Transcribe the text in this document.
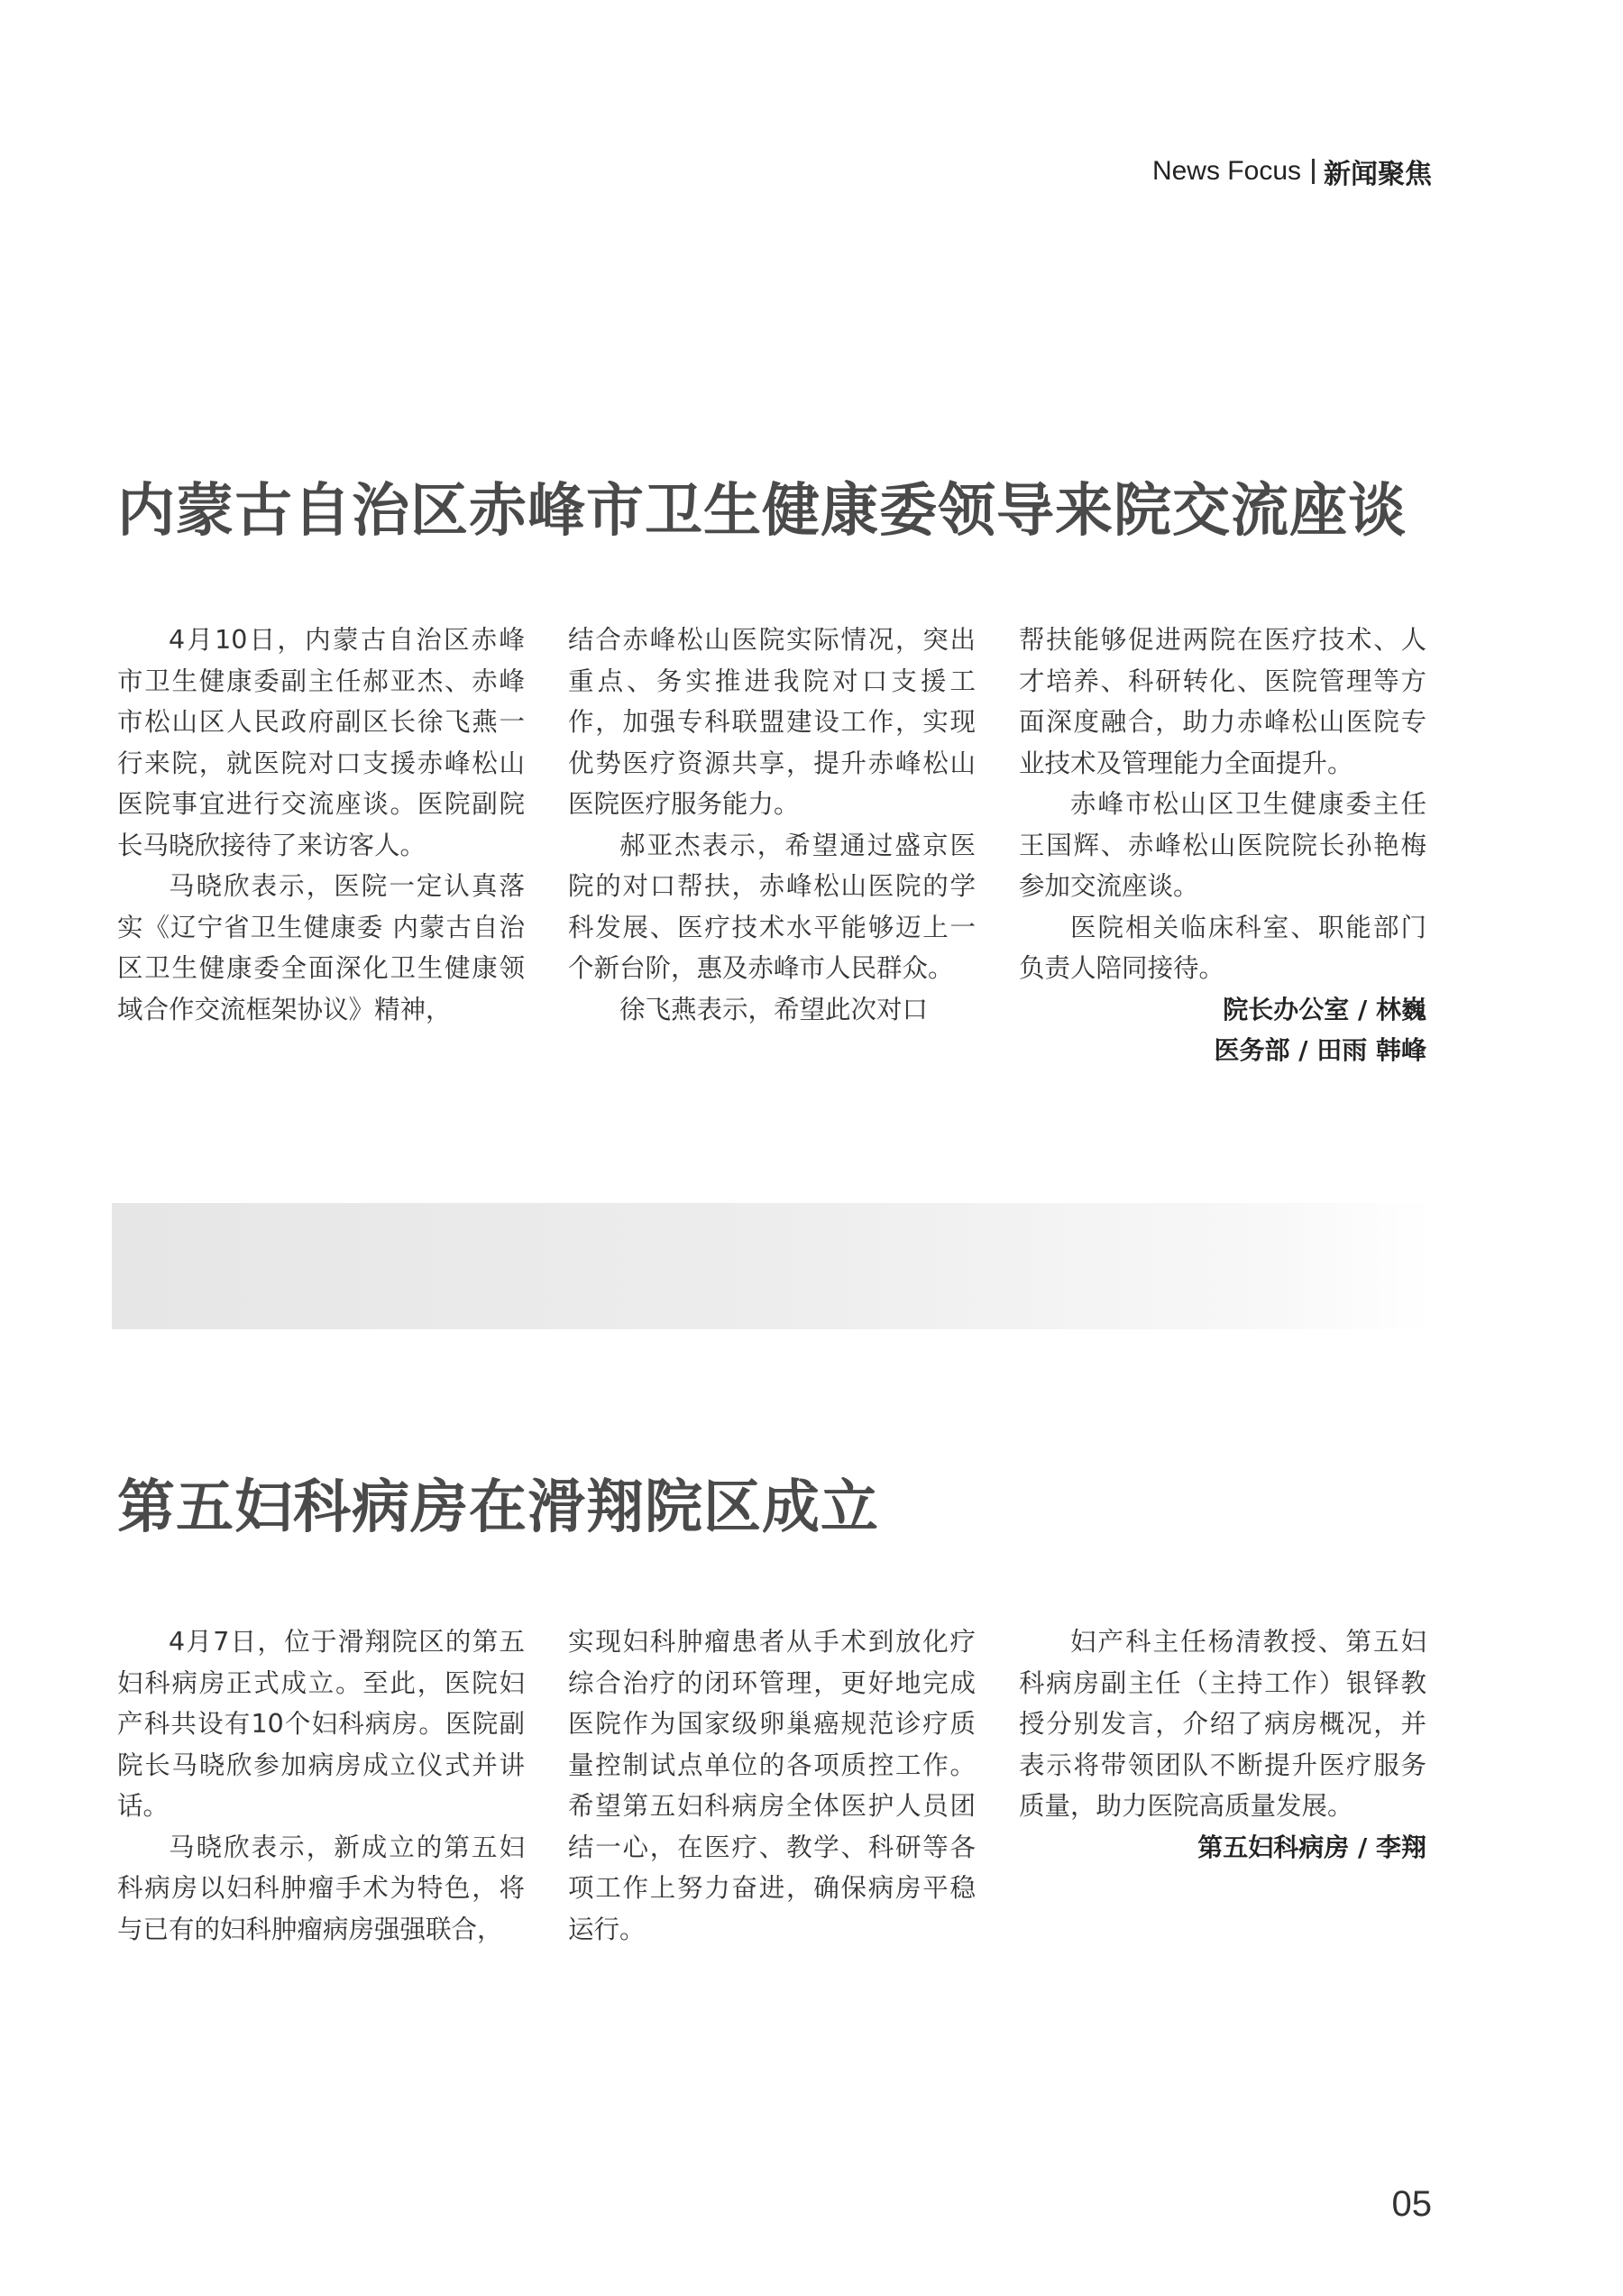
News Focus 新闻聚焦
内蒙古自治区赤峰市卫生健康委领导来院交流座谈

4月10日，内蒙古自治区赤峰市卫生健康委副主任郝亚杰、赤峰市松山区人民政府副区长徐飞燕一行来院，就医院对口支援赤峰松山医院事宜进行交流座谈。医院副院长马晓欣接待了来访客人。

马晓欣表示，医院一定认真落实《辽宁省卫生健康委 内蒙古自治区卫生健康委全面深化卫生健康领域合作交流框架协议》精神，

结合赤峰松山医院实际情况，突出重点、务实推进我院对口支援工作，加强专科联盟建设工作，实现优势医疗资源共享，提升赤峰松山医院医疗服务能力。

郝亚杰表示，希望通过盛京医院的对口帮扶，赤峰松山医院的学科发展、医疗技术水平能够迈上一个新台阶，惠及赤峰市人民群众。

徐飞燕表示，希望此次对口

帮扶能够促进两院在医疗技术、人才培养、科研转化、医院管理等方面深度融合，助力赤峰松山医院专业技术及管理能力全面提升。

赤峰市松山区卫生健康委主任王国辉、赤峰松山医院院长孙艳梅参加交流座谈。

医院相关临床科室、职能部门负责人陪同接待。

院长办公室 / 林巍
医务部 / 田雨 韩峰
第五妇科病房在滑翔院区成立

4月7日，位于滑翔院区的第五妇科病房正式成立。至此，医院妇产科共设有10个妇科病房。医院副院长马晓欣参加病房成立仪式并讲话。

马晓欣表示，新成立的第五妇科病房以妇科肿瘤手术为特色，将与已有的妇科肿瘤病房强强联合，

实现妇科肿瘤患者从手术到放化疗综合治疗的闭环管理，更好地完成医院作为国家级卵巢癌规范诊疗质量控制试点单位的各项质控工作。希望第五妇科病房全体医护人员团结一心，在医疗、教学、科研等各项工作上努力奋进，确保病房平稳运行。

妇产科主任杨清教授、第五妇科病房副主任（主持工作）银铎教授分别发言，介绍了病房概况，并表示将带领团队不断提升医疗服务质量，助力医院高质量发展。

第五妇科病房 / 李翔
05
